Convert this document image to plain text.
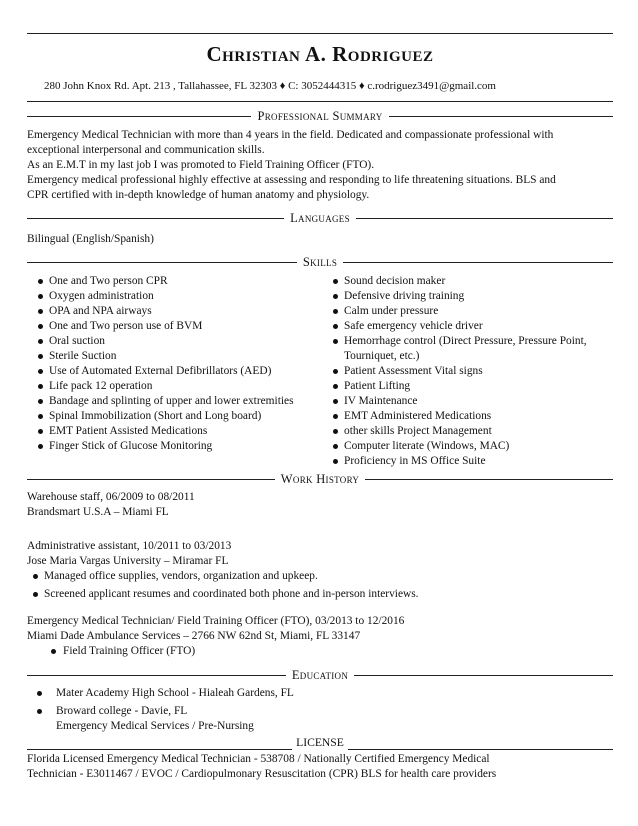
Christian A. Rodriguez
280 John Knox Rd. Apt. 213 , Tallahassee, FL 32303 ♦ C: 3052444315 ♦ c.rodriguez3491@gmail.com
Professional Summary
Emergency Medical Technician with more than 4 years in the field. Dedicated and compassionate professional with
exceptional interpersonal and communication skills.
As an E.M.T in my last job I was promoted to Field Training Officer (FTO).
Emergency medical professional highly effective at assessing and responding to life threatening situations. BLS and
CPR certified with in-depth knowledge of human anatomy and physiology.
Languages
Bilingual (English/Spanish)
Skills
One and Two person CPR
Oxygen administration
OPA and NPA airways
One and Two person use of BVM
Oral suction
Sterile Suction
Use of Automated External Defibrillators (AED)
Life pack 12 operation
Bandage and splinting of upper and lower extremities
Spinal Immobilization (Short and Long board)
EMT Patient Assisted Medications
Finger Stick of Glucose Monitoring
Sound decision maker
Defensive driving training
Calm under pressure
Safe emergency vehicle driver
Hemorrhage control (Direct Pressure, Pressure Point, Tourniquet, etc.)
Patient Assessment Vital signs
Patient Lifting
IV Maintenance
EMT Administered Medications
other skills Project Management
Computer literate (Windows, MAC)
Proficiency in MS Office Suite
Work History
Warehouse staff, 06/2009 to 08/2011
Brandsmart U.S.A – Miami FL
Administrative assistant, 10/2011 to 03/2013
Jose Maria Vargas University – Miramar FL
Managed office supplies, vendors, organization and upkeep.
Screened applicant resumes and coordinated both phone and in-person interviews.
Emergency Medical Technician/ Field Training Officer (FTO), 03/2013 to 12/2016
Miami Dade Ambulance Services – 2766 NW 62nd St, Miami, FL 33147
Field Training Officer (FTO)
Education
Mater Academy High School - Hialeah Gardens, FL
Broward college - Davie, FL
Emergency Medical Services / Pre-Nursing
LICENSE
Florida Licensed Emergency Medical Technician - 538708 / Nationally Certified Emergency Medical
Technician - E3011467 / EVOC / Cardiopulmonary Resuscitation (CPR) BLS for health care providers
